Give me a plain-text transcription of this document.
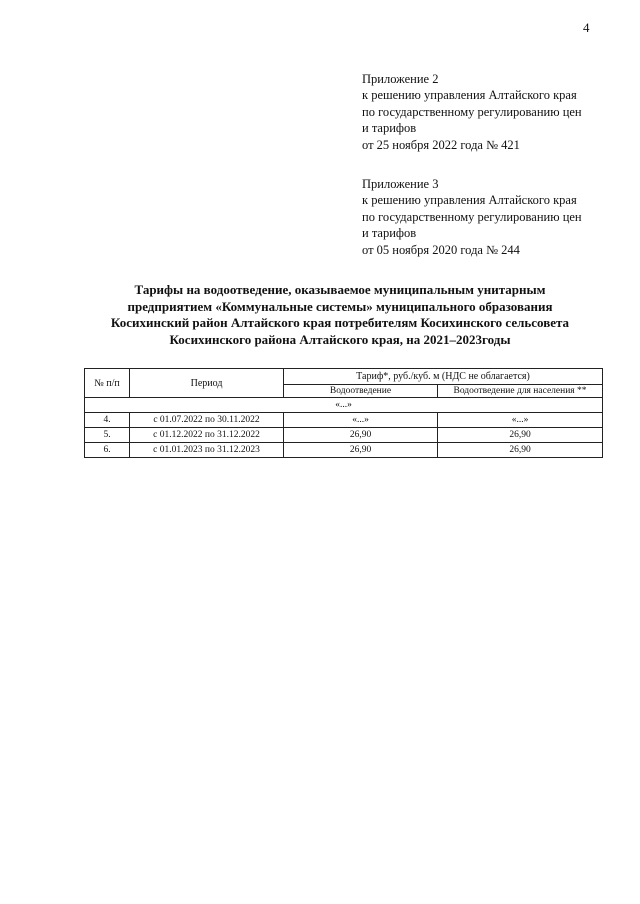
4
Приложение 2
к решению управления Алтайского края
по государственному регулированию цен
и тарифов
от 25 ноября 2022 года № 421
Приложение 3
к решению управления Алтайского края
по государственному регулированию цен
и тарифов
от 05 ноября 2020 года № 244
Тарифы на водоотведение, оказываемое муниципальным унитарным
предприятием «Коммунальные системы» муниципального образования
Косихинский район Алтайского края потребителям Косихинского сельсовета
Косихинского района Алтайского края, на 2021–2023годы
№ п/п	Период	Тариф*, руб./куб. м (НДС не облагается)	
		Водоотведение	Водоотведение для населения **
«...»			
4.	с 01.07.2022 по 30.11.2022	«...»	«...»
5.	с 01.12.2022 по 31.12.2022	26,90	26,90
6.	с 01.01.2023 по 31.12.2023	26,90	26,90
